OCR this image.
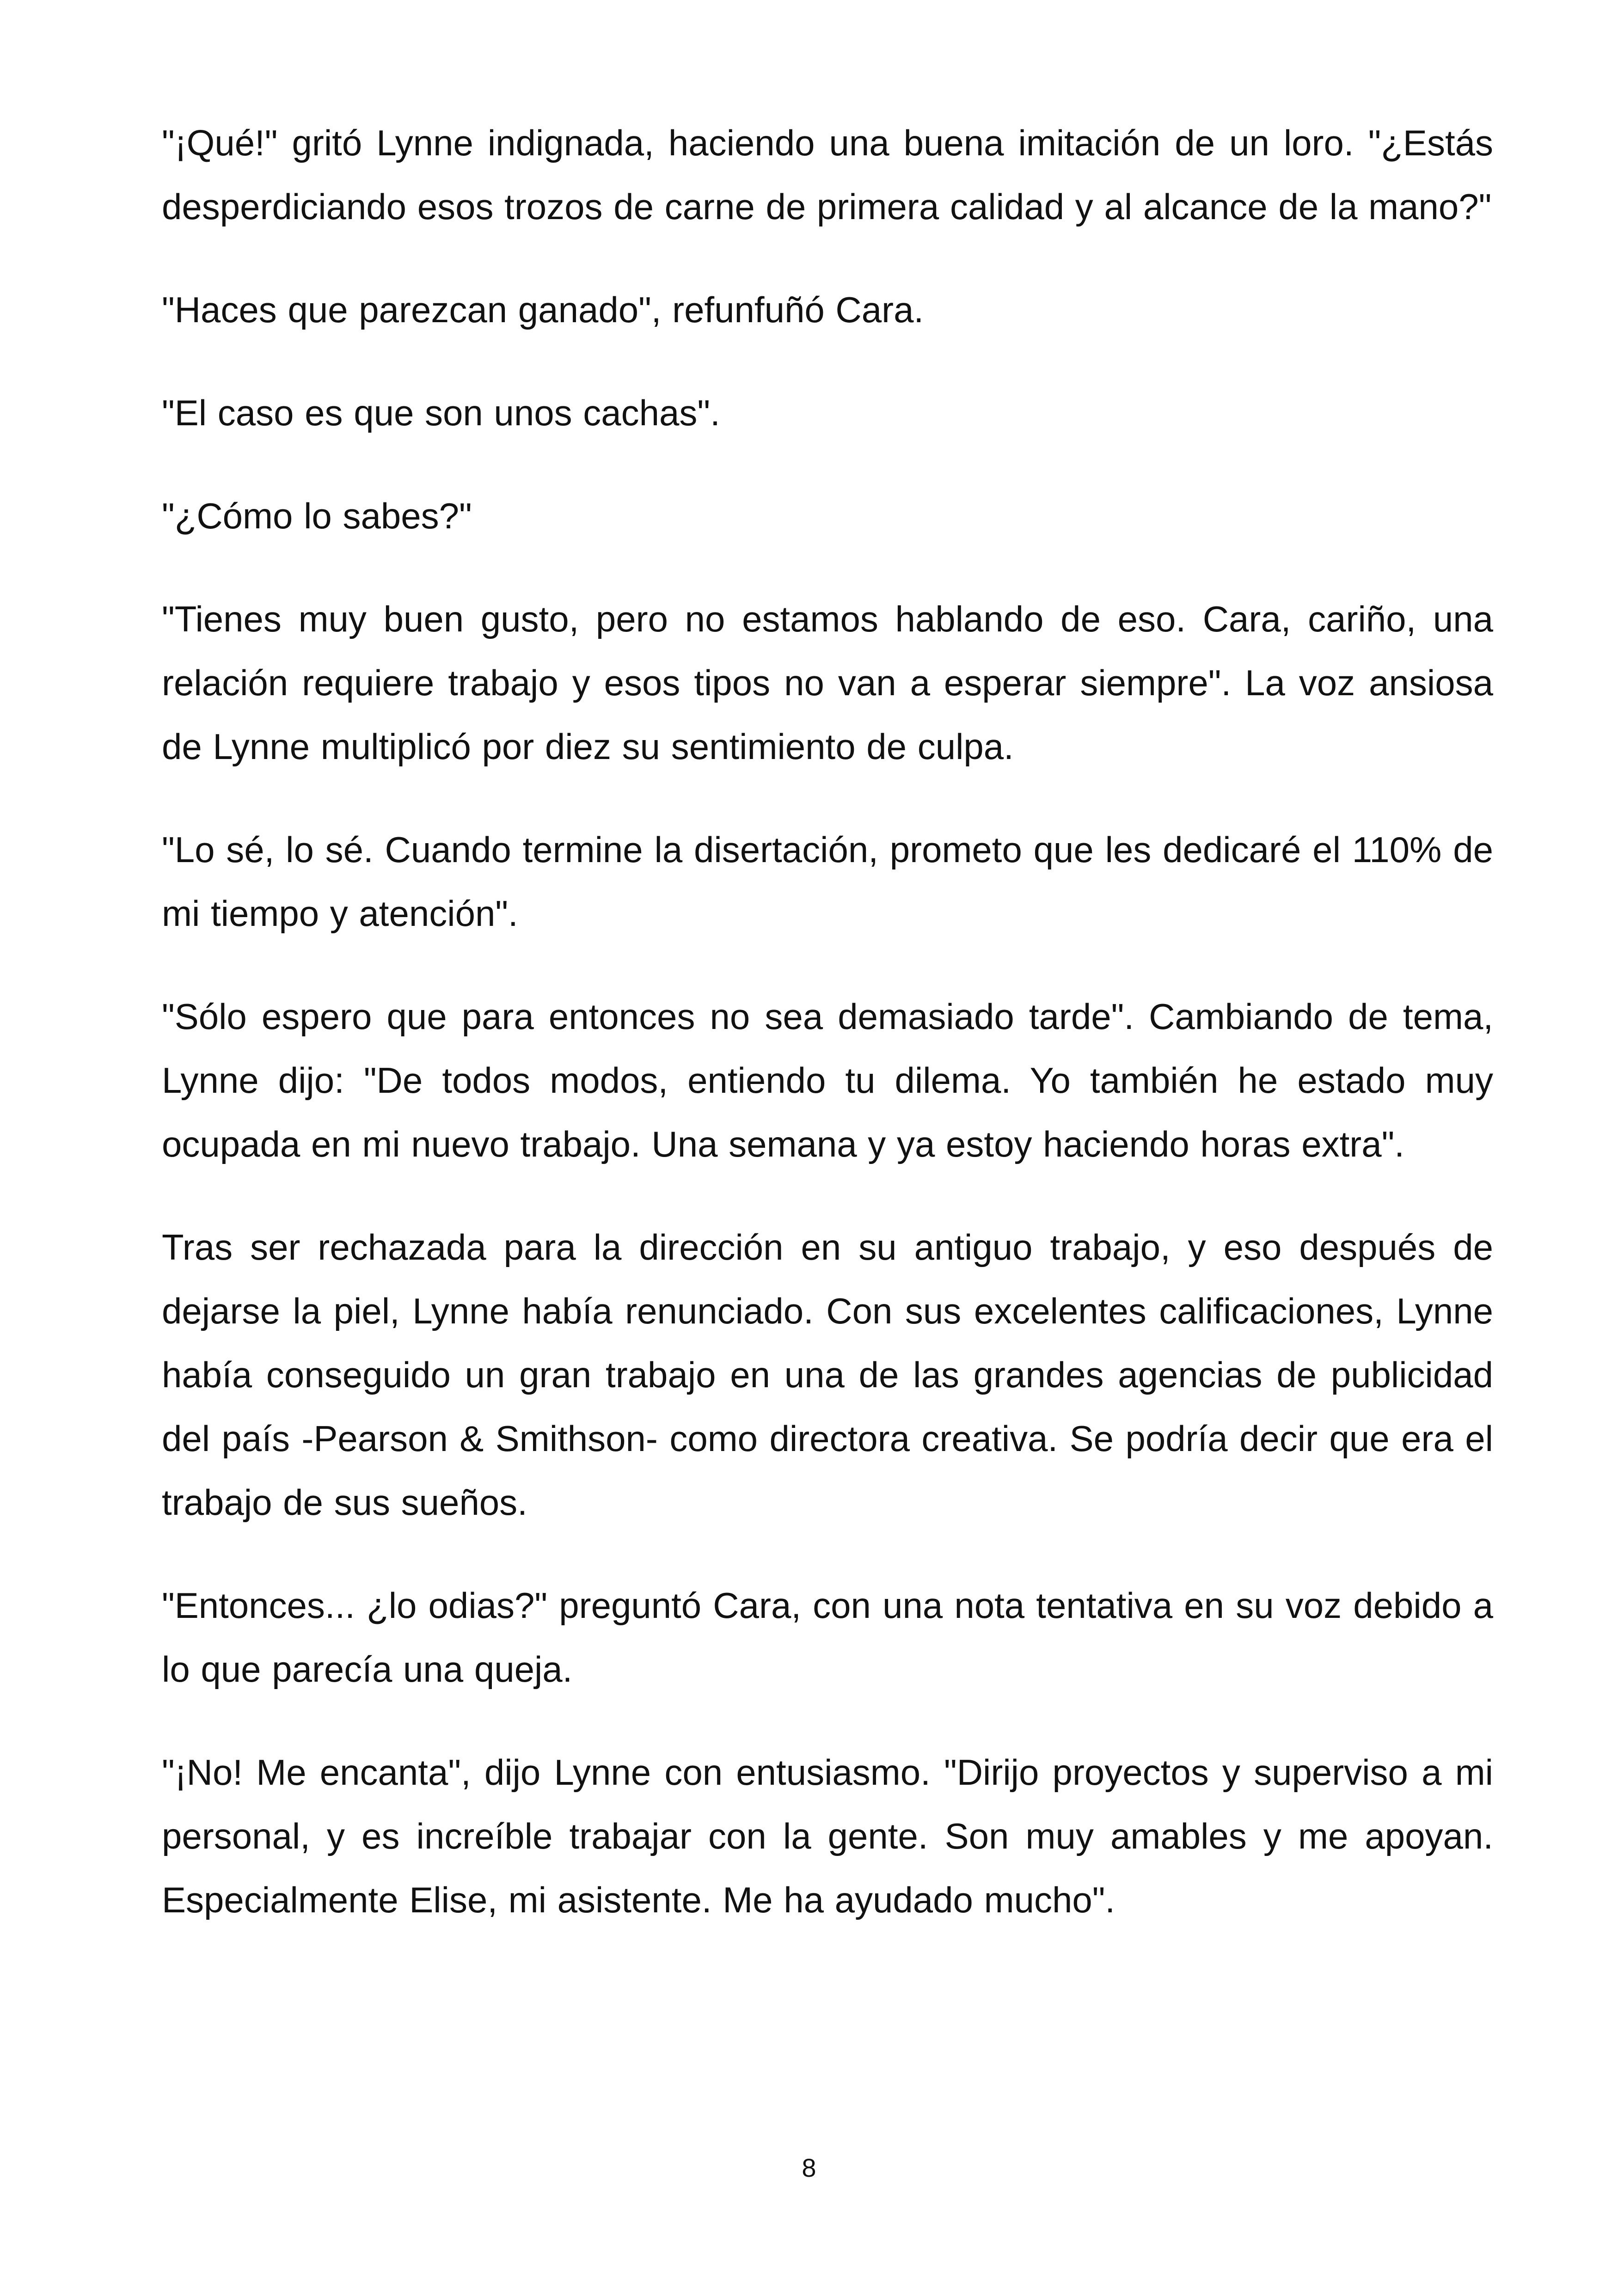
"¡Qué!" gritó Lynne indignada, haciendo una buena imitación de un loro. "¿Estás desperdiciando esos trozos de carne de primera calidad y al alcance de la mano?"

"Haces que parezcan ganado", refunfuñó Cara.

"El caso es que son unos cachas".

"¿Cómo lo sabes?"

"Tienes muy buen gusto, pero no estamos hablando de eso. Cara, cariño, una relación requiere trabajo y esos tipos no van a esperar siempre". La voz ansiosa de Lynne multiplicó por diez su sentimiento de culpa.

"Lo sé, lo sé. Cuando termine la disertación, prometo que les dedicaré el 110% de mi tiempo y atención".

"Sólo espero que para entonces no sea demasiado tarde". Cambiando de tema, Lynne dijo: "De todos modos, entiendo tu dilema. Yo también he estado muy ocupada en mi nuevo trabajo. Una semana y ya estoy haciendo horas extra".

Tras ser rechazada para la dirección en su antiguo trabajo, y eso después de dejarse la piel, Lynne había renunciado. Con sus excelentes calificaciones, Lynne había conseguido un gran trabajo en una de las grandes agencias de publicidad del país -Pearson & Smithson- como directora creativa. Se podría decir que era el trabajo de sus sueños.

"Entonces... ¿lo odias?" preguntó Cara, con una nota tentativa en su voz debido a lo que parecía una queja.

"¡No! Me encanta", dijo Lynne con entusiasmo. "Dirijo proyectos y superviso a mi personal, y es increíble trabajar con la gente. Son muy amables y me apoyan. Especialmente Elise, mi asistente. Me ha ayudado mucho".

8
